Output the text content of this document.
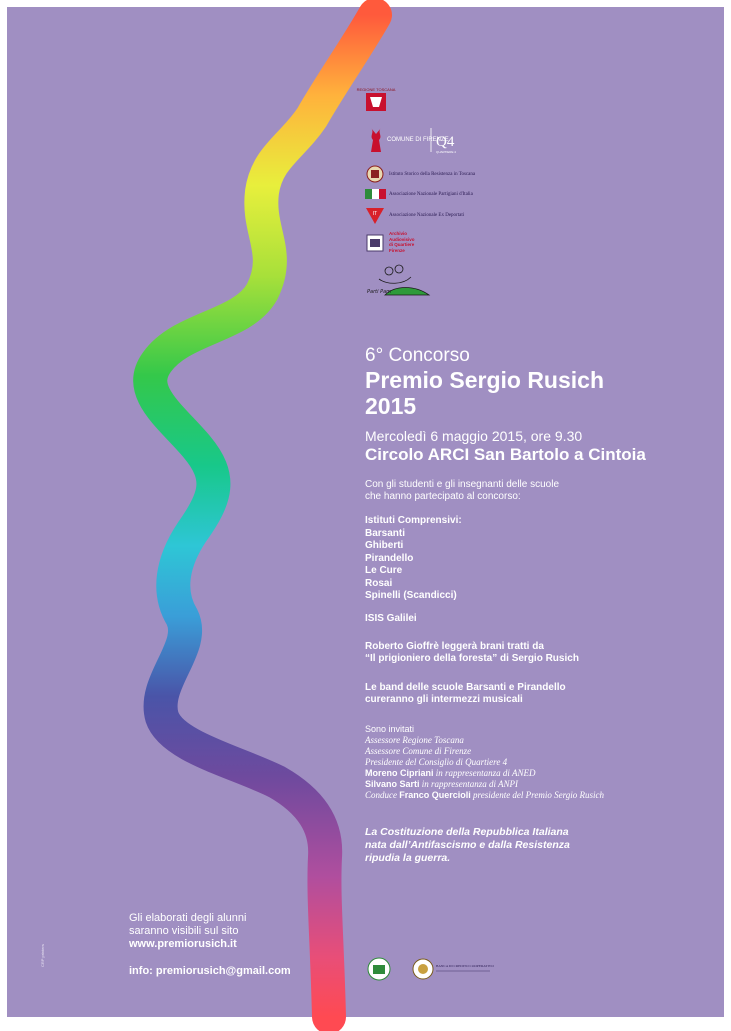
REGIONE TOSCANA
COMUNE DI FIRENZE
Q4
QUARTIERE 4
Istituto Storico della Resistenza in Toscana
Associazione Nazionale Partigiani d'Italia
IT Associazione Nazionale Ex Deportati
Archivio
Audiovisivo
di Quartiere
Firenze
Parti Pam
6° Concorso
Premio Sergio Rusich
2015
Mercoledì 6 maggio 2015, ore 9.30
Circolo ARCI San Bartolo a Cintoia
Con gli studenti e gli insegnanti delle scuole
che hanno partecipato al concorso:
Istituti Comprensivi:
Barsanti
Ghiberti
Pirandello
Le Cure
Rosai
Spinelli (Scandicci)
ISIS Galilei
Roberto Gioffrè leggerà brani tratti da
“Il prigioniero della foresta” di Sergio Rusich
Le band delle scuole Barsanti e Pirandello
cureranno gli intermezzi musicali
Sono invitati
Assessore Regione Toscana
Assessore Comune di Firenze
Presidente del Consiglio di Quartiere 4
Moreno Cipriani in rappresentanza di ANED
Silvano Sarti in rappresentanza di ANPI
Conduce Franco Quercioli presidente del Premio Sergio Rusich
La Costituzione della Repubblica Italiana
nata dall’Antifascismo e dalla Resistenza
ripudia la guerra.
Gli elaborati degli alunni
saranno visibili sul sito
www.premiorusich.it
info: premiorusich@gmail.com
CRP printers	BANCA DI CREDITO COOPERATIVO
